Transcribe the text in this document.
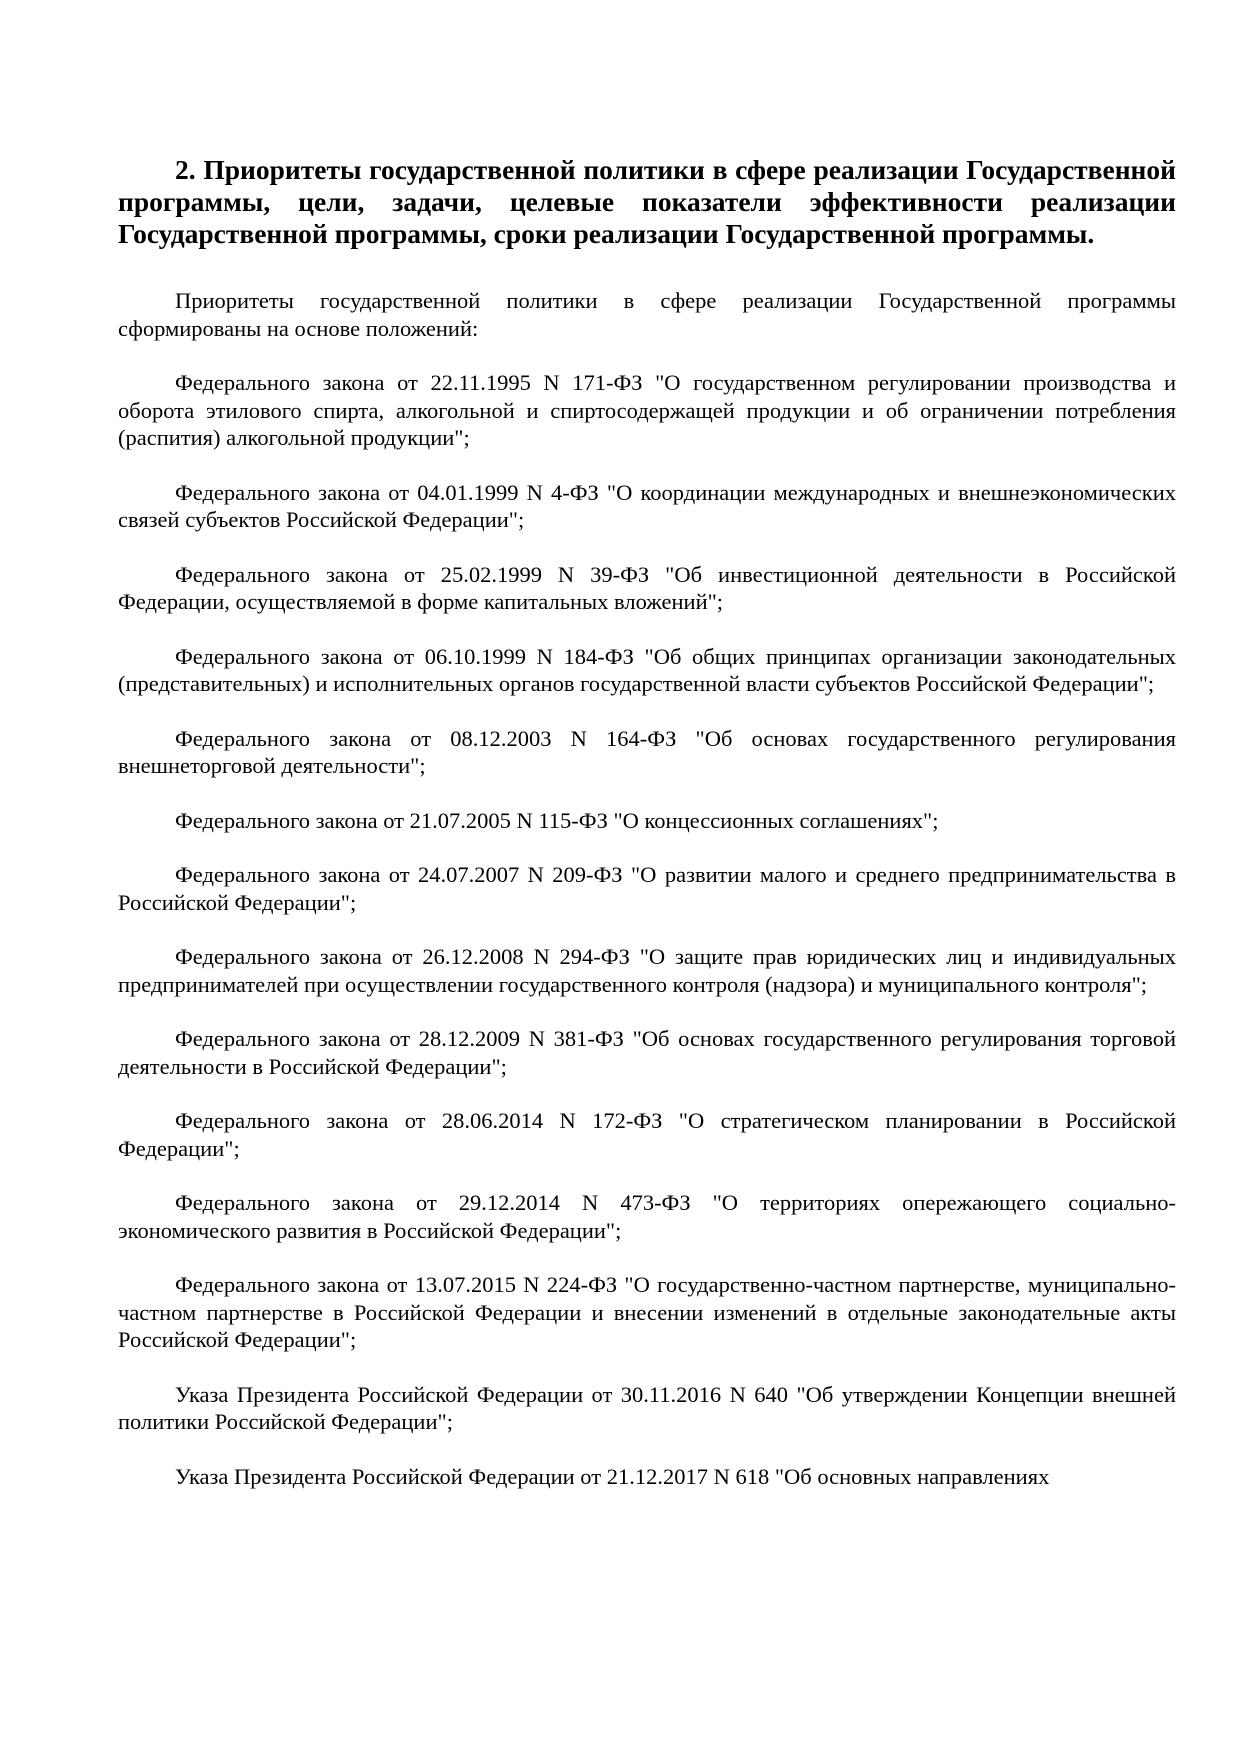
2. Приоритеты государственной политики в сфере реализации Государственной программы, цели, задачи, целевые показатели эффективности реализации Государственной программы, сроки реализации Государственной программы.

Приоритеты государственной политики в сфере реализации Государственной программы сформированы на основе положений:

Федерального закона от 22.11.1995 N 171-ФЗ "О государственном регулировании производства и оборота этилового спирта, алкогольной и спиртосодержащей продукции и об ограничении потребления (распития) алкогольной продукции";

Федерального закона от 04.01.1999 N 4-ФЗ "О координации международных и внешнеэкономических связей субъектов Российской Федерации";

Федерального закона от 25.02.1999 N 39-ФЗ "Об инвестиционной деятельности в Российской Федерации, осуществляемой в форме капитальных вложений";

Федерального закона от 06.10.1999 N 184-ФЗ "Об общих принципах организации законодательных (представительных) и исполнительных органов государственной власти субъектов Российской Федерации";

Федерального закона от 08.12.2003 N 164-ФЗ "Об основах государственного регулирования внешнеторговой деятельности";

Федерального закона от 21.07.2005 N 115-ФЗ "О концессионных соглашениях";

Федерального закона от 24.07.2007 N 209-ФЗ "О развитии малого и среднего предпринимательства в Российской Федерации";

Федерального закона от 26.12.2008 N 294-ФЗ "О защите прав юридических лиц и индивидуальных предпринимателей при осуществлении государственного контроля (надзора) и муниципального контроля";

Федерального закона от 28.12.2009 N 381-ФЗ "Об основах государственного регулирования торговой деятельности в Российской Федерации";

Федерального закона от 28.06.2014 N 172-ФЗ "О стратегическом планировании в Российской Федерации";

Федерального закона от 29.12.2014 N 473-ФЗ "О территориях опережающего социально-экономического развития в Российской Федерации";

Федерального закона от 13.07.2015 N 224-ФЗ "О государственно-частном партнерстве, муниципально-частном партнерстве в Российской Федерации и внесении изменений в отдельные законодательные акты Российской Федерации";

Указа Президента Российской Федерации от 30.11.2016 N 640 "Об утверждении Концепции внешней политики Российской Федерации";

Указа Президента Российской Федерации от 21.12.2017 N 618 "Об основных направлениях
